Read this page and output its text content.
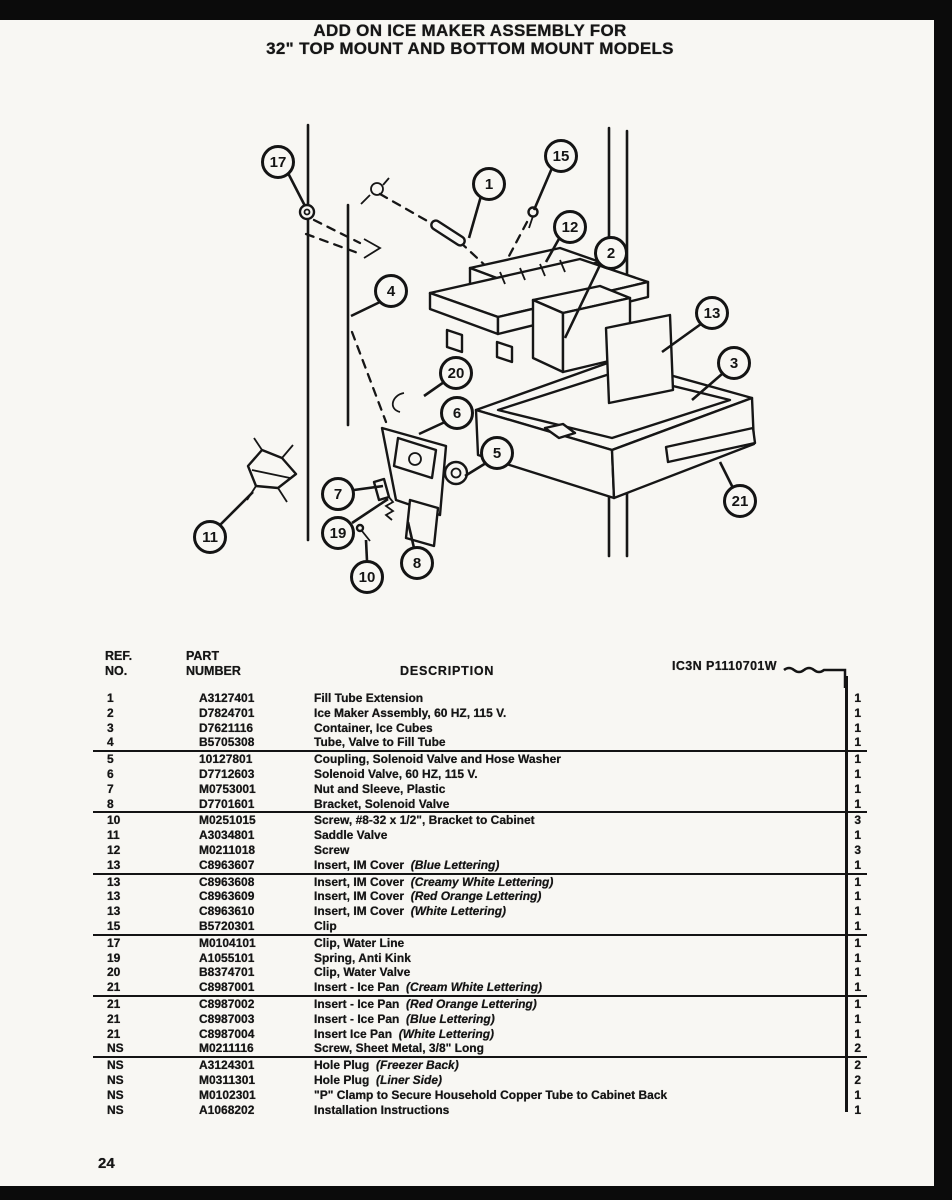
ADD ON ICE MAKER ASSEMBLY FOR
32" TOP MOUNT AND BOTTOM MOUNT MODELS
17
1
15
12
2
4
13
3
20
6
5
7
19
11
10
8
21
REF.
NO.
PART
NUMBER	DESCRIPTION	IC3N P1110701W
1	A3127401	Fill Tube Extension	1
2	D7824701	Ice Maker Assembly, 60 HZ, 115 V.	1
3	D7621116	Container, Ice Cubes	1
4	B5705308	Tube, Valve to Fill Tube	1
5	10127801	Coupling, Solenoid Valve and Hose Washer	1
6	D7712603	Solenoid Valve, 60 HZ, 115 V.	1
7	M0753001	Nut and Sleeve, Plastic	1
8	D7701601	Bracket, Solenoid Valve	1
10	M0251015	Screw, #8-32 x 1/2", Bracket to Cabinet	3
11	A3034801	Saddle Valve	1
12	M0211018	Screw	3
13	C8963607	Insert, IM Cover  (Blue Lettering)	1
13	C8963608	Insert, IM Cover  (Creamy White Lettering)	1
13	C8963609	Insert, IM Cover  (Red Orange Lettering)	1
13	C8963610	Insert, IM Cover  (White Lettering)	1
15	B5720301	Clip	1
17	M0104101	Clip, Water Line	1
19	A1055101	Spring, Anti Kink	1
20	B8374701	Clip, Water Valve	1
21	C8987001	Insert - Ice Pan  (Cream White Lettering)	1
21	C8987002	Insert - Ice Pan  (Red Orange Lettering)	1
21	C8987003	Insert - Ice Pan  (Blue Lettering)	1
21	C8987004	Insert Ice Pan  (White Lettering)	1
NS	M0211116	Screw, Sheet Metal, 3/8" Long	2
NS	A3124301	Hole Plug  (Freezer Back)	2
NS	M0311301	Hole Plug  (Liner Side)	2
NS	M0102301	"P" Clamp to Secure Household Copper Tube to Cabinet Back	1
NS	A1068202	Installation Instructions	1
24
